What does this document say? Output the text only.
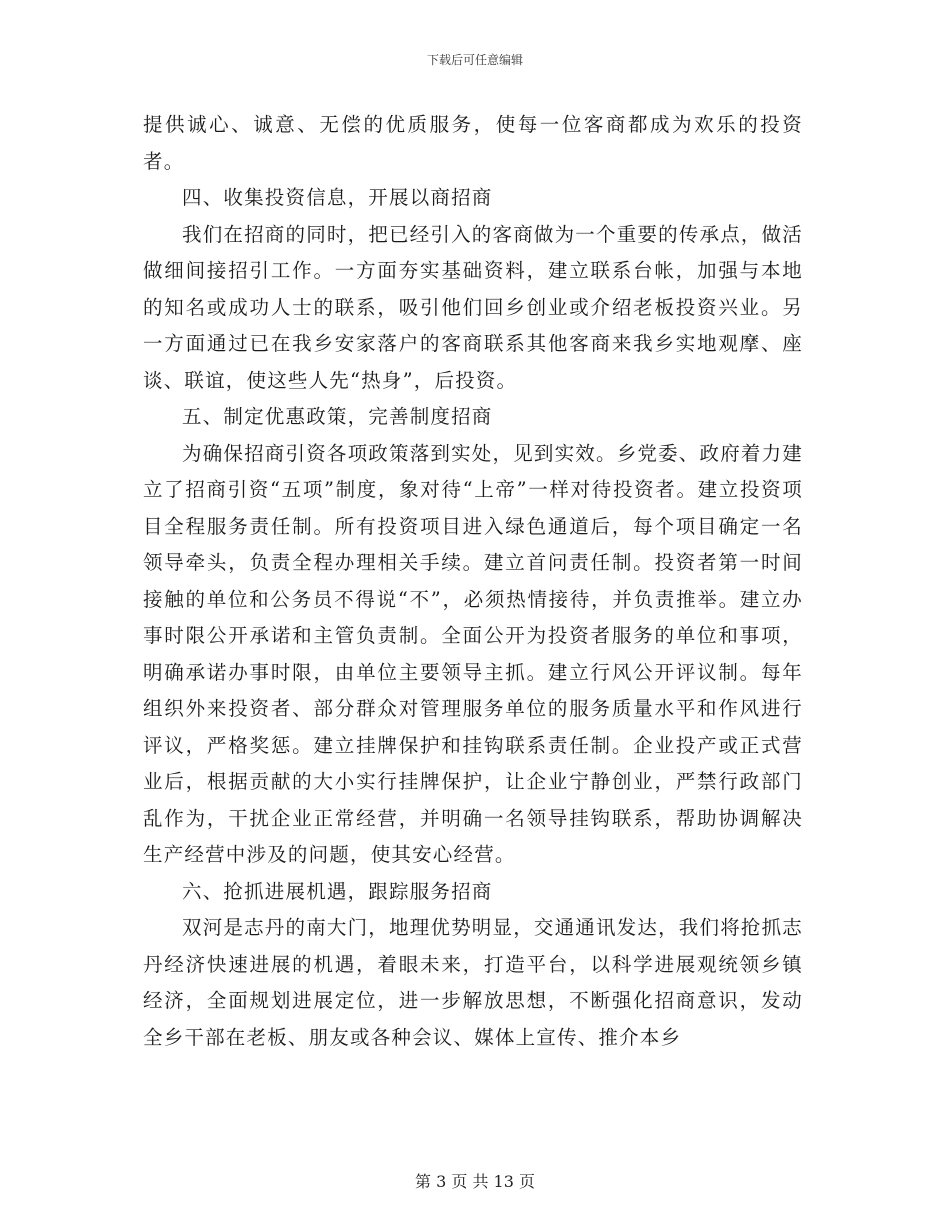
下载后可任意编辑

提供诚心、诚意、无偿的优质服务，使每一位客商都成为欢乐的投资者。

四、收集投资信息，开展以商招商

我们在招商的同时，把已经引入的客商做为一个重要的传承点，做活做细间接招引工作。一方面夯实基础资料，建立联系台帐，加强与本地的知名或成功人士的联系，吸引他们回乡创业或介绍老板投资兴业。另一方面通过已在我乡安家落户的客商联系其他客商来我乡实地观摩、座谈、联谊，使这些人先“热身”，后投资。

五、制定优惠政策，完善制度招商

为确保招商引资各项政策落到实处，见到实效。乡党委、政府着力建立了招商引资“五项”制度，象对待“上帝”一样对待投资者。建立投资项目全程服务责任制。所有投资项目进入绿色通道后，每个项目确定一名领导牵头，负责全程办理相关手续。建立首问责任制。投资者第一时间接触的单位和公务员不得说“不”，必须热情接待，并负责推举。建立办事时限公开承诺和主管负责制。全面公开为投资者服务的单位和事项，明确承诺办事时限，由单位主要领导主抓。建立行风公开评议制。每年组织外来投资者、部分群众对管理服务单位的服务质量水平和作风进行评议，严格奖惩。建立挂牌保护和挂钩联系责任制。企业投产或正式营业后，根据贡献的大小实行挂牌保护，让企业宁静创业，严禁行政部门乱作为，干扰企业正常经营，并明确一名领导挂钩联系，帮助协调解决生产经营中涉及的问题，使其安心经营。

六、抢抓进展机遇，跟踪服务招商

双河是志丹的南大门，地理优势明显，交通通讯发达，我们将抢抓志丹经济快速进展的机遇，着眼未来，打造平台，以科学进展观统领乡镇经济，全面规划进展定位，进一步解放思想，不断强化招商意识，发动全乡干部在老板、朋友或各种会议、媒体上宣传、推介本乡

第 3 页 共 13 页
